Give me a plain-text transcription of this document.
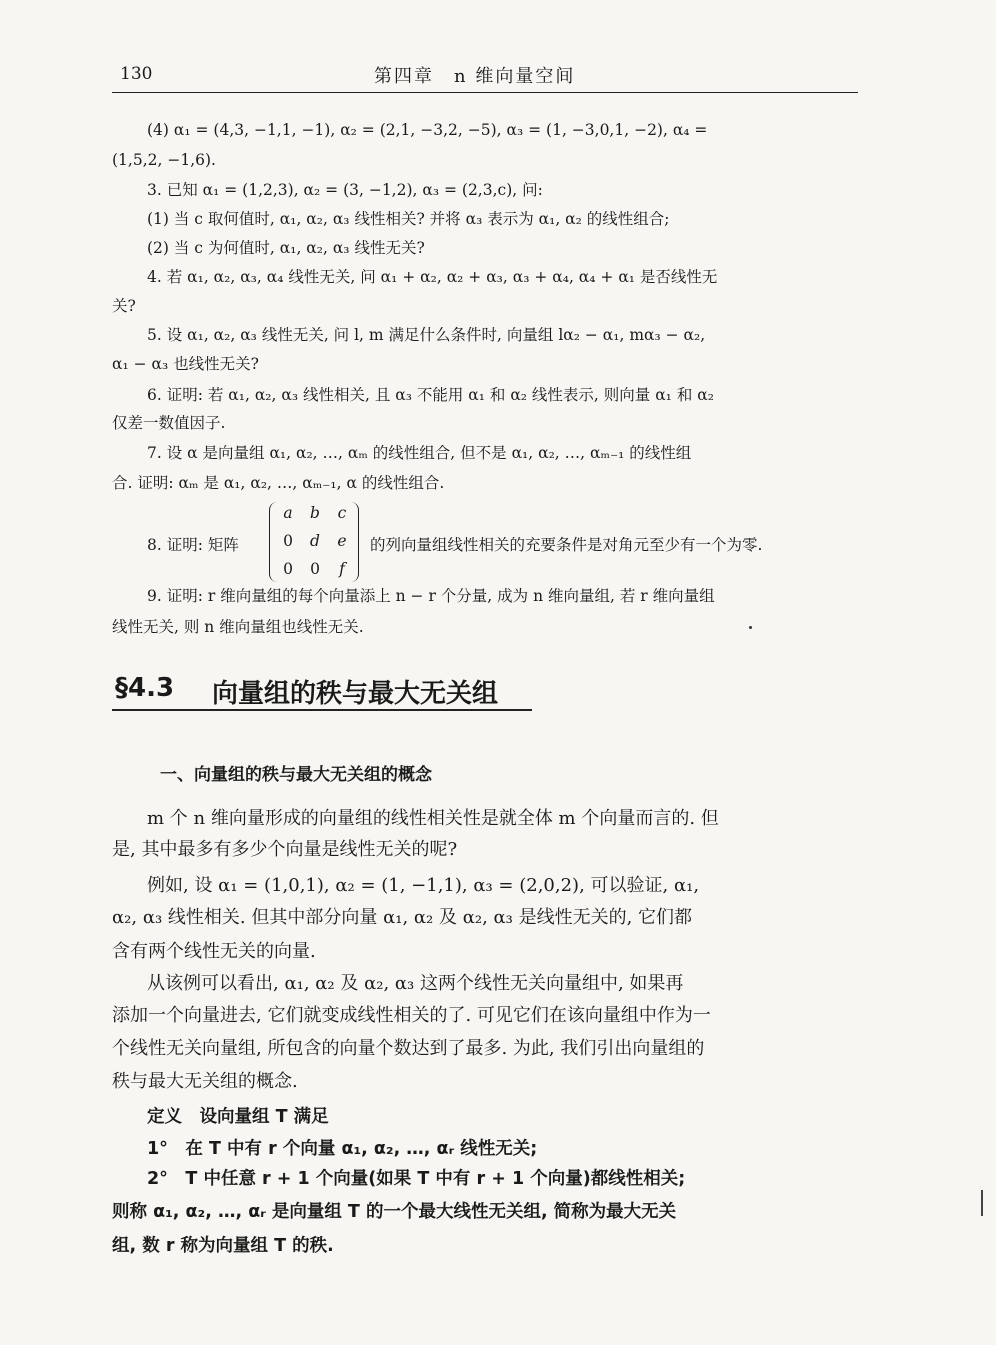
130	第四章　n 维向量空间
(4) α₁ = (4,3, −1,1, −1), α₂ = (2,1, −3,2, −5), α₃ = (1, −3,0,1, −2), α₄ =
(1,5,2, −1,6).
3. 已知 α₁ = (1,2,3), α₂ = (3, −1,2), α₃ = (2,3,c), 问:
(1) 当 c 取何值时, α₁, α₂, α₃ 线性相关? 并将 α₃ 表示为 α₁, α₂ 的线性组合;
(2) 当 c 为何值时, α₁, α₂, α₃ 线性无关?
4. 若 α₁, α₂, α₃, α₄ 线性无关, 问 α₁ + α₂, α₂ + α₃, α₃ + α₄, α₄ + α₁ 是否线性无
关?
5. 设 α₁, α₂, α₃ 线性无关, 问 l, m 满足什么条件时, 向量组 lα₂ − α₁, mα₃ − α₂,
α₁ − α₃ 也线性无关?
6. 证明: 若 α₁, α₂, α₃ 线性相关, 且 α₃ 不能用 α₁ 和 α₂ 线性表示, 则向量 α₁ 和 α₂
仅差一数值因子.
7. 设 α 是向量组 α₁, α₂, …, αₘ 的线性组合, 但不是 α₁, α₂, …, αₘ₋₁ 的线性组
合. 证明: αₘ 是 α₁, α₂, …, αₘ₋₁, α 的线性组合.
8. 证明: 矩阵
a	b	c
0	d	e
0	0	f
的列向量组线性相关的充要条件是对角元至少有一个为零.
9. 证明: r 维向量组的每个向量添上 n − r 个分量, 成为 n 维向量组, 若 r 维向量组
线性无关, 则 n 维向量组也线性无关.
§4.3 向量组的秩与最大无关组
一、向量组的秩与最大无关组的概念
m 个 n 维向量形成的向量组的线性相关性是就全体 m 个向量而言的. 但
是, 其中最多有多少个向量是线性无关的呢?
例如, 设 α₁ = (1,0,1), α₂ = (1, −1,1), α₃ = (2,0,2), 可以验证, α₁,
α₂, α₃ 线性相关. 但其中部分向量 α₁, α₂ 及 α₂, α₃ 是线性无关的, 它们都
含有两个线性无关的向量.
从该例可以看出, α₁, α₂ 及 α₂, α₃ 这两个线性无关向量组中, 如果再
添加一个向量进去, 它们就变成线性相关的了. 可见它们在该向量组中作为一
个线性无关向量组, 所包含的向量个数达到了最多. 为此, 我们引出向量组的
秩与最大无关组的概念.
定义　设向量组 T 满足
1°　在 T 中有 r 个向量 α₁, α₂, …, αᵣ 线性无关;
2°　T 中任意 r + 1 个向量(如果 T 中有 r + 1 个向量)都线性相关;
则称 α₁, α₂, …, αᵣ 是向量组 T 的一个最大线性无关组, 简称为最大无关
组, 数 r 称为向量组 T 的秩.
